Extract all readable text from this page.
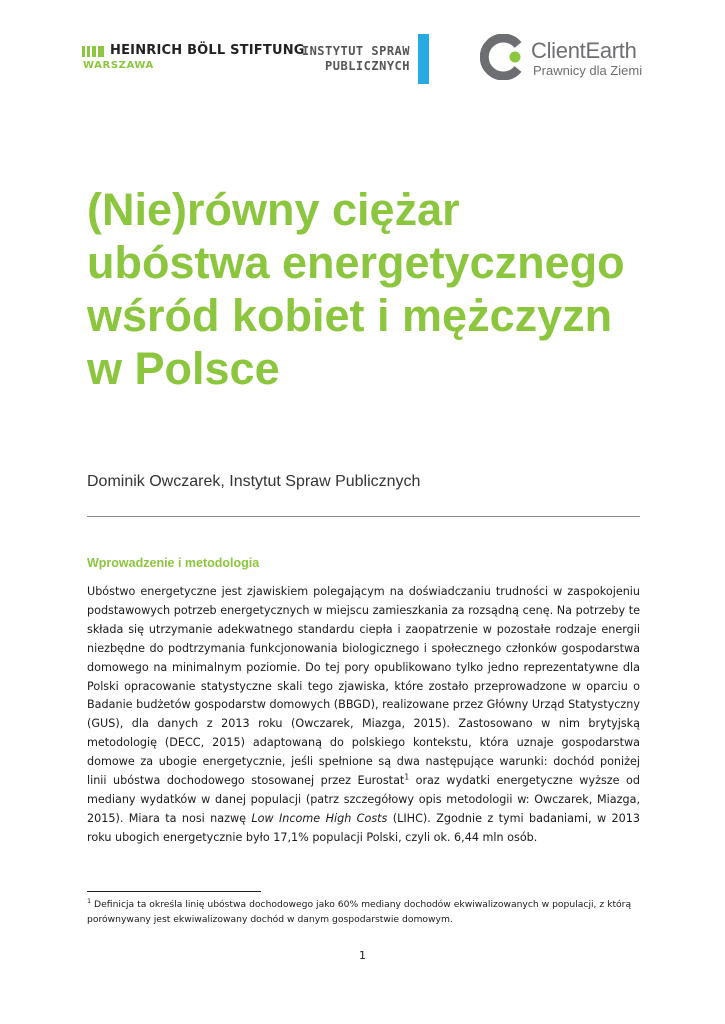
HEINRICH BÖLL STIFTUNG
WARSZAWA
INSTYTUT SPRAW
PUBLICZNYCH
ClientEarth
Prawnicy dla Ziemi
(Nie)równy ciężar ubóstwa energetycznego wśród kobiet i mężczyzn w Polsce
Dominik Owczarek, Instytut Spraw Publicznych
Wprowadzenie i metodologia

Ubóstwo energetyczne jest zjawiskiem polegającym na doświadczaniu trudności w zaspokojeniu podstawowych potrzeb energetycznych w miejscu zamieszkania za rozsądną cenę. Na potrzeby te składa się utrzymanie adekwatnego standardu ciepła i zaopatrzenie w pozostałe rodzaje energii niezbędne do podtrzymania funkcjonowania biologicznego i społecznego członków gospodarstwa domowego na minimalnym poziomie. Do tej pory opublikowano tylko jedno reprezentatywne dla Polski opracowanie statystyczne skali tego zjawiska, które zostało przeprowadzone w oparciu o Badanie budżetów gospodarstw domowych (BBGD), realizowane przez Główny Urząd Statystyczny (GUS), dla danych z 2013 roku (Owczarek, Miazga, 2015). Zastosowano w nim brytyjską metodologię (DECC, 2015) adaptowaną do polskiego kontekstu, która uznaje gospodarstwa domowe za ubogie energetycznie, jeśli spełnione są dwa następujące warunki: dochód poniżej linii ubóstwa dochodowego stosowanej przez Eurostat$^1$ oraz wydatki energetyczne wyższe od mediany wydatków w danej populacji (patrz szczegółowy opis metodologii w: Owczarek, Miazga, 2015). Miara ta nosi nazwę Low Income High Costs (LIHC). Zgodnie z tymi badaniami, w 2013 roku ubogich energetycznie było 17,1% populacji Polski, czyli ok. 6,44 mln osób.

$^1$ Definicja ta określa linię ubóstwa dochodowego jako 60% mediany dochodów ekwiwalizowanych w populacji, z którą porównywany jest ekwiwalizowany dochód w danym gospodarstwie domowym.

1
